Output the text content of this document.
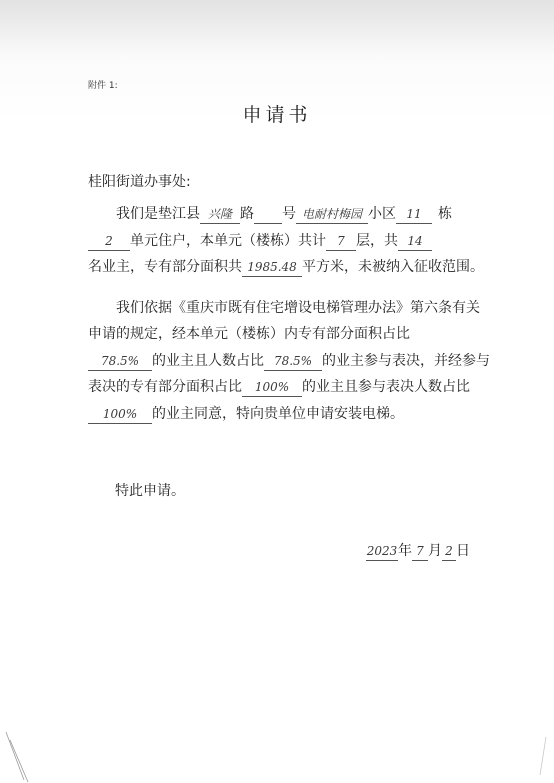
附件 1:
申请书
桂阳街道办事处:

我们是垫江县 兴隆 路 号 电耐村梅园 小区 11 栋
2 单元住户，本单元（楼栋）共计 7 层，共 14
名业主，专有部分面积共 1985.48 平方米，未被纳入征收范围。

我们依据《重庆市既有住宅增设电梯管理办法》第六条有关申请的规定，经本单元（楼栋）内专有部分面积占比
78.5% 的业主且人数占比 78.5% 的业主参与表决，并经参与表决的专有部分面积占比 100% 的业主且参与表决人数占比100% 的业主同意，特向贵单位申请安装电梯。

特此申请。
2023年 7 月 2 日
